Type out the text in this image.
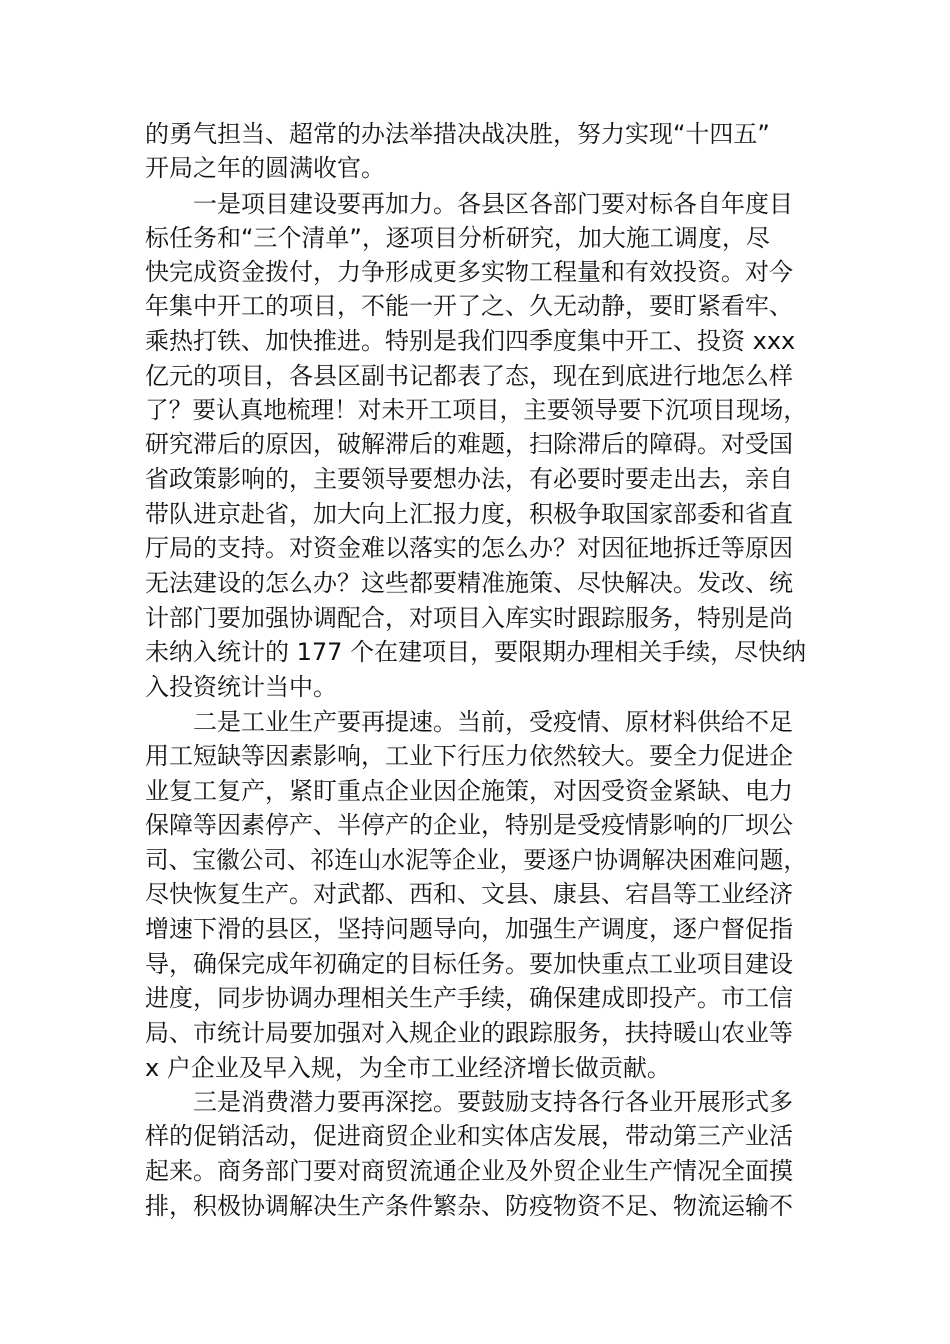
的勇气担当、超常的办法举措决战决胜，努力实现“十四五”
开局之年的圆满收官。
一是项目建设要再加力。各县区各部门要对标各自年度目
标任务和“三个清单”，逐项目分析研究，加大施工调度，尽
快完成资金拨付，力争形成更多实物工程量和有效投资。对今
年集中开工的项目，不能一开了之、久无动静，要盯紧看牢、
乘热打铁、加快推进。特别是我们四季度集中开工、投资 xxx
亿元的项目，各县区副书记都表了态，现在到底进行地怎么样
了？要认真地梳理！对未开工项目，主要领导要下沉项目现场，
研究滞后的原因，破解滞后的难题，扫除滞后的障碍。对受国
省政策影响的，主要领导要想办法，有必要时要走出去，亲自
带队进京赴省，加大向上汇报力度，积极争取国家部委和省直
厅局的支持。对资金难以落实的怎么办？对因征地拆迁等原因
无法建设的怎么办？这些都要精准施策、尽快解决。发改、统
计部门要加强协调配合，对项目入库实时跟踪服务，特别是尚
未纳入统计的 177 个在建项目，要限期办理相关手续，尽快纳
入投资统计当中。
二是工业生产要再提速。当前，受疫情、原材料供给不足
用工短缺等因素影响，工业下行压力依然较大。要全力促进企
业复工复产，紧盯重点企业因企施策，对因受资金紧缺、电力
保障等因素停产、半停产的企业，特别是受疫情影响的厂坝公
司、宝徽公司、祁连山水泥等企业，要逐户协调解决困难问题，
尽快恢复生产。对武都、西和、文县、康县、宕昌等工业经济
增速下滑的县区，坚持问题导向，加强生产调度，逐户督促指
导，确保完成年初确定的目标任务。要加快重点工业项目建设
进度，同步协调办理相关生产手续，确保建成即投产。市工信
局、市统计局要加强对入规企业的跟踪服务，扶持暖山农业等
x 户企业及早入规，为全市工业经济增长做贡献。
三是消费潜力要再深挖。要鼓励支持各行各业开展形式多
样的促销活动，促进商贸企业和实体店发展，带动第三产业活
起来。商务部门要对商贸流通企业及外贸企业生产情况全面摸
排，积极协调解决生产条件繁杂、防疫物资不足、物流运输不
